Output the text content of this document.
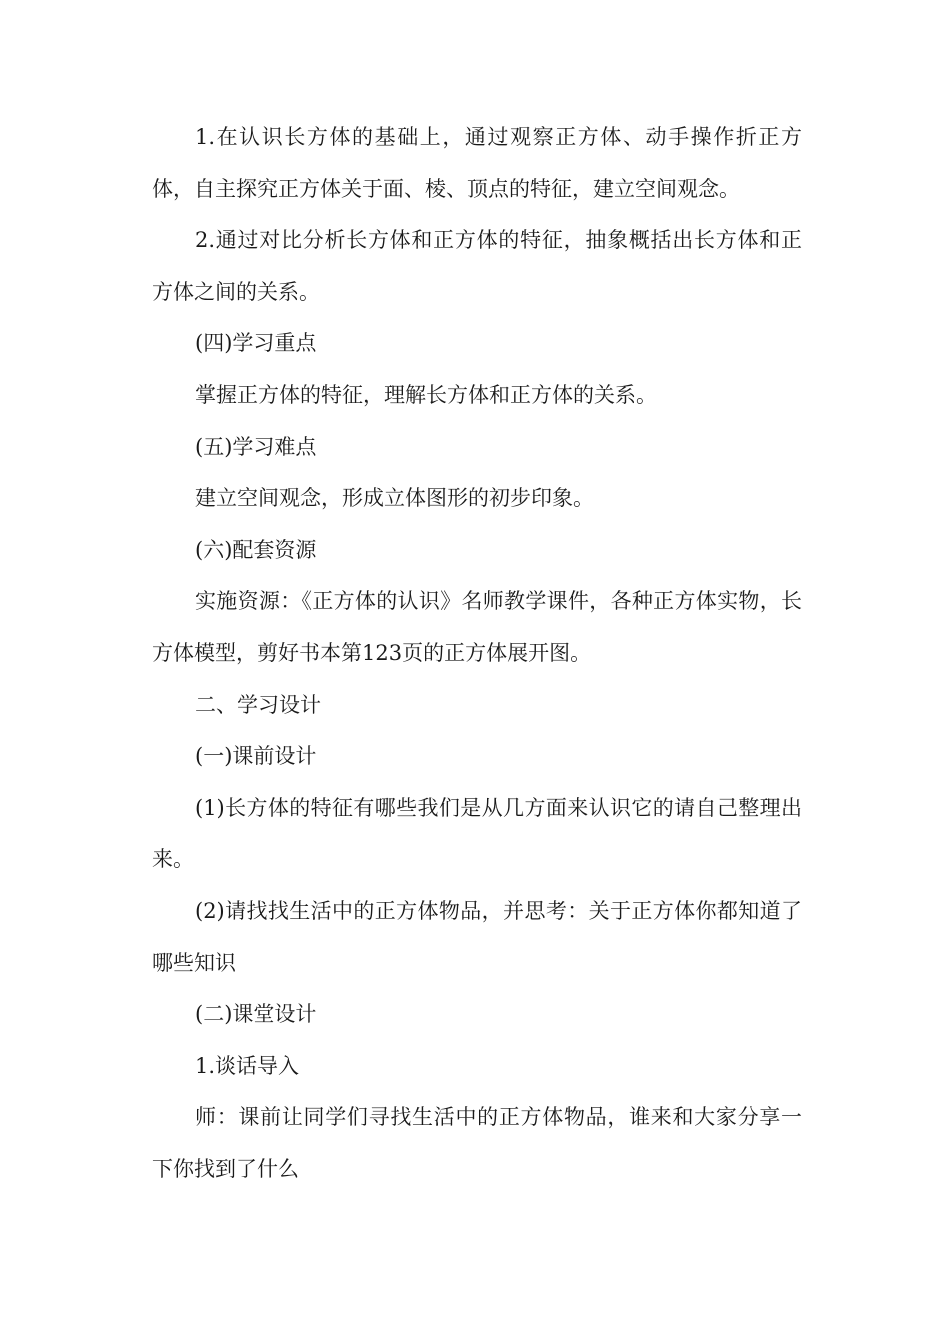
1.在认识长方体的基础上，通过观察正方体、动手操作折正方体，自主探究正方体关于面、棱、顶点的特征，建立空间观念。

2.通过对比分析长方体和正方体的特征，抽象概括出长方体和正方体之间的关系。

(四)学习重点

掌握正方体的特征，理解长方体和正方体的关系。

(五)学习难点

建立空间观念，形成立体图形的初步印象。

(六)配套资源

实施资源：《正方体的认识》名师教学课件，各种正方体实物，长方体模型，剪好书本第123页的正方体展开图。

二、学习设计

(一)课前设计

(1)长方体的特征有哪些我们是从几方面来认识它的请自己整理出来。

(2)请找找生活中的正方体物品，并思考：关于正方体你都知道了哪些知识

(二)课堂设计

1.谈话导入

师：课前让同学们寻找生活中的正方体物品，谁来和大家分享一下你找到了什么
